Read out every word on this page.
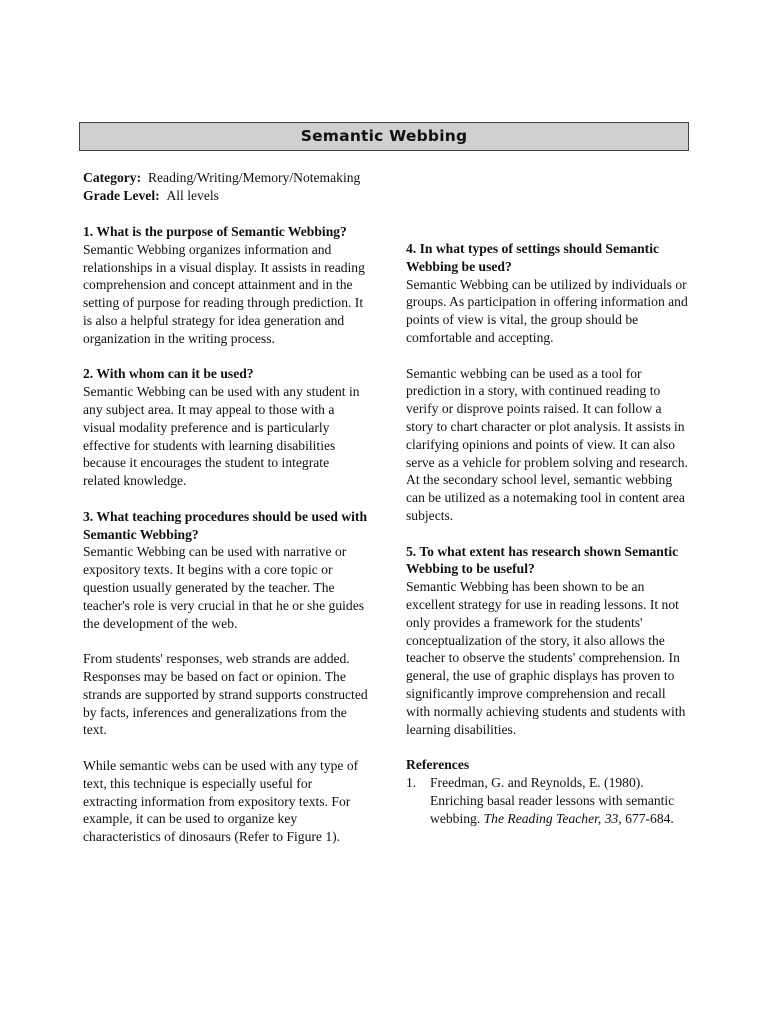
Semantic Webbing
Category: Reading/Writing/Memory/Notemaking
Grade Level: All levels
1. What is the purpose of Semantic Webbing?

Semantic Webbing organizes information and relationships in a visual display. It assists in reading comprehension and concept attainment and in the setting of purpose for reading through prediction. It is also a helpful strategy for idea generation and organization in the writing process.

2. With whom can it be used?

Semantic Webbing can be used with any student in any subject area. It may appeal to those with a visual modality preference and is particularly effective for students with learning disabilities because it encourages the student to integrate related knowledge.

3. What teaching procedures should be used with Semantic Webbing?

Semantic Webbing can be used with narrative or expository texts. It begins with a core topic or question usually generated by the teacher. The teacher's role is very crucial in that he or she guides the development of the web.

From students' responses, web strands are added. Responses may be based on fact or opinion. The strands are supported by strand supports constructed by facts, inferences and generalizations from the text.

While semantic webs can be used with any type of text, this technique is especially useful for extracting information from expository texts. For example, it can be used to organize key characteristics of dinosaurs (Refer to Figure 1).

4. In what types of settings should Semantic Webbing be used?

Semantic Webbing can be utilized by individuals or groups. As participation in offering information and points of view is vital, the group should be comfortable and accepting.

Semantic webbing can be used as a tool for prediction in a story, with continued reading to verify or disprove points raised. It can follow a story to chart character or plot analysis. It assists in clarifying opinions and points of view. It can also serve as a vehicle for problem solving and research. At the secondary school level, semantic webbing can be utilized as a notemaking tool in content area subjects.

5. To what extent has research shown Semantic Webbing to be useful?

Semantic Webbing has been shown to be an excellent strategy for use in reading lessons. It not only provides a framework for the students' conceptualization of the story, it also allows the teacher to observe the students' comprehension. In general, the use of graphic displays has proven to significantly improve comprehension and recall with normally achieving students and students with learning disabilities.

References
1. Freedman, G. and Reynolds, E. (1980). Enriching basal reader lessons with semantic webbing. The Reading Teacher, 33, 677-684.
